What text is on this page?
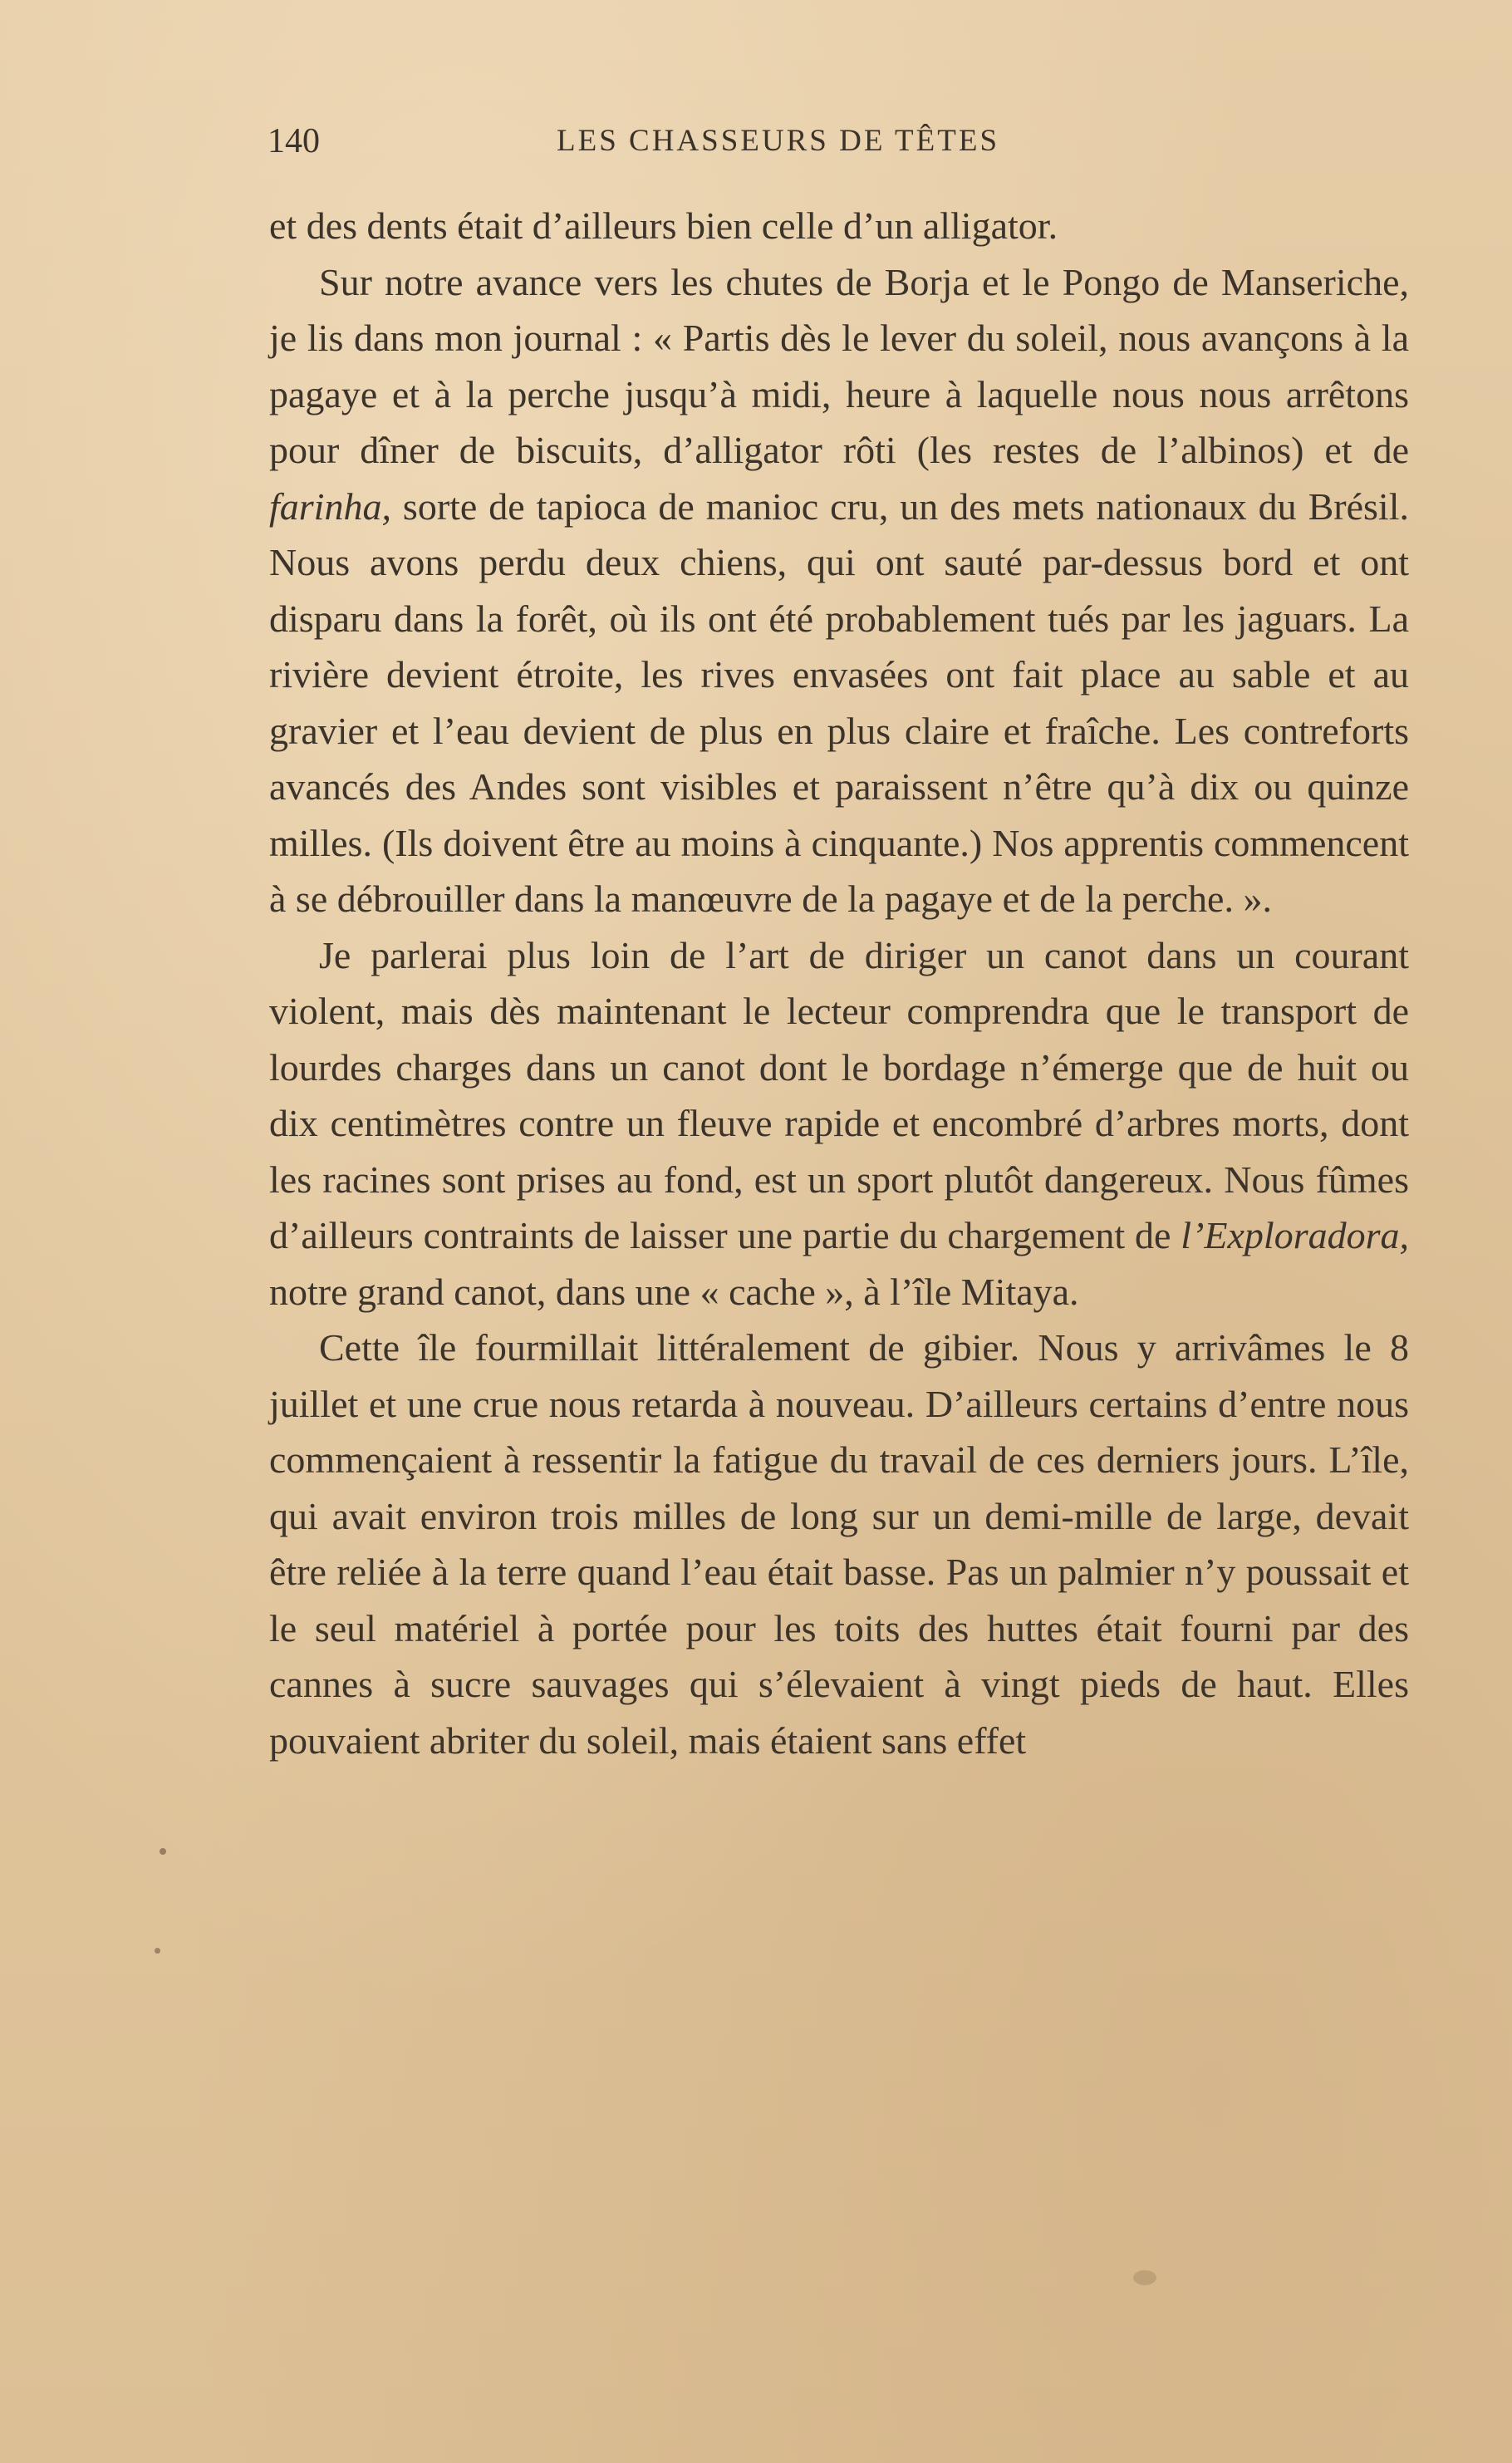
140	LES CHASSEURS DE TÊTES

et des dents était d’ailleurs bien celle d’un alligator.

Sur notre avance vers les chutes de Borja et le Pongo de Manseriche, je lis dans mon journal : « Partis dès le lever du soleil, nous avançons à la pagaye et à la perche jusqu’à midi, heure à laquelle nous nous arrêtons pour dîner de biscuits, d’alligator rôti (les restes de l’albinos) et de farinha, sorte de tapioca de manioc cru, un des mets nationaux du Brésil. Nous avons perdu deux chiens, qui ont sauté par-dessus bord et ont disparu dans la forêt, où ils ont été probablement tués par les jaguars. La rivière devient étroite, les rives envasées ont fait place au sable et au gravier et l’eau devient de plus en plus claire et fraîche. Les contreforts avancés des Andes sont visibles et paraissent n’être qu’à dix ou quinze milles. (Ils doivent être au moins à cinquante.) Nos apprentis commencent à se débrouiller dans la manœuvre de la pagaye et de la perche. ».

Je parlerai plus loin de l’art de diriger un canot dans un courant violent, mais dès maintenant le lecteur comprendra que le transport de lourdes charges dans un canot dont le bordage n’émerge que de huit ou dix centimètres contre un fleuve rapide et encombré d’arbres morts, dont les racines sont prises au fond, est un sport plutôt dangereux. Nous fûmes d’ailleurs contraints de laisser une partie du chargement de l’Exploradora, notre grand canot, dans une « cache », à l’île Mitaya.

Cette île fourmillait littéralement de gibier. Nous y arrivâmes le 8 juillet et une crue nous retarda à nouveau. D’ailleurs certains d’entre nous commençaient à ressentir la fatigue du travail de ces derniers jours. L’île, qui avait environ trois milles de long sur un demi-mille de large, devait être reliée à la terre quand l’eau était basse. Pas un palmier n’y poussait et le seul matériel à portée pour les toits des huttes était fourni par des cannes à sucre sauvages qui s’élevaient à vingt pieds de haut. Elles pouvaient abriter du soleil, mais étaient sans effet
